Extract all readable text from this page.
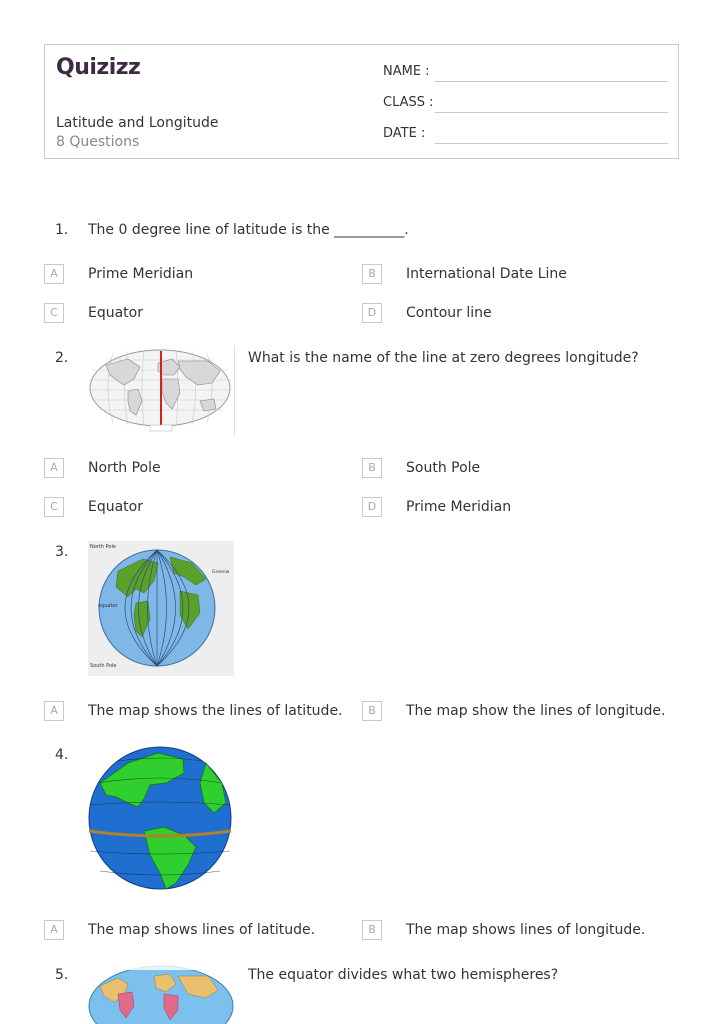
Quizizz
Latitude and Longitude
8 Questions
NAME :
CLASS :
DATE :
1. The 0 degree line of latitude is the __________.
A	Prime Meridian	B	International Date Line
C	Equator	D	Contour line
2.	What is the name of the line at zero degrees longitude?
A	North Pole	B	South Pole
C	Equator	D	Prime Meridian
3.	North Pole
Greenw
equator
South Pole
A	The map shows the lines of latitude.	B	The map show the lines of longitude.
4.
A	The map shows lines of latitude.	B	The map shows lines of longitude.
5.	The equator divides what two hemispheres?
